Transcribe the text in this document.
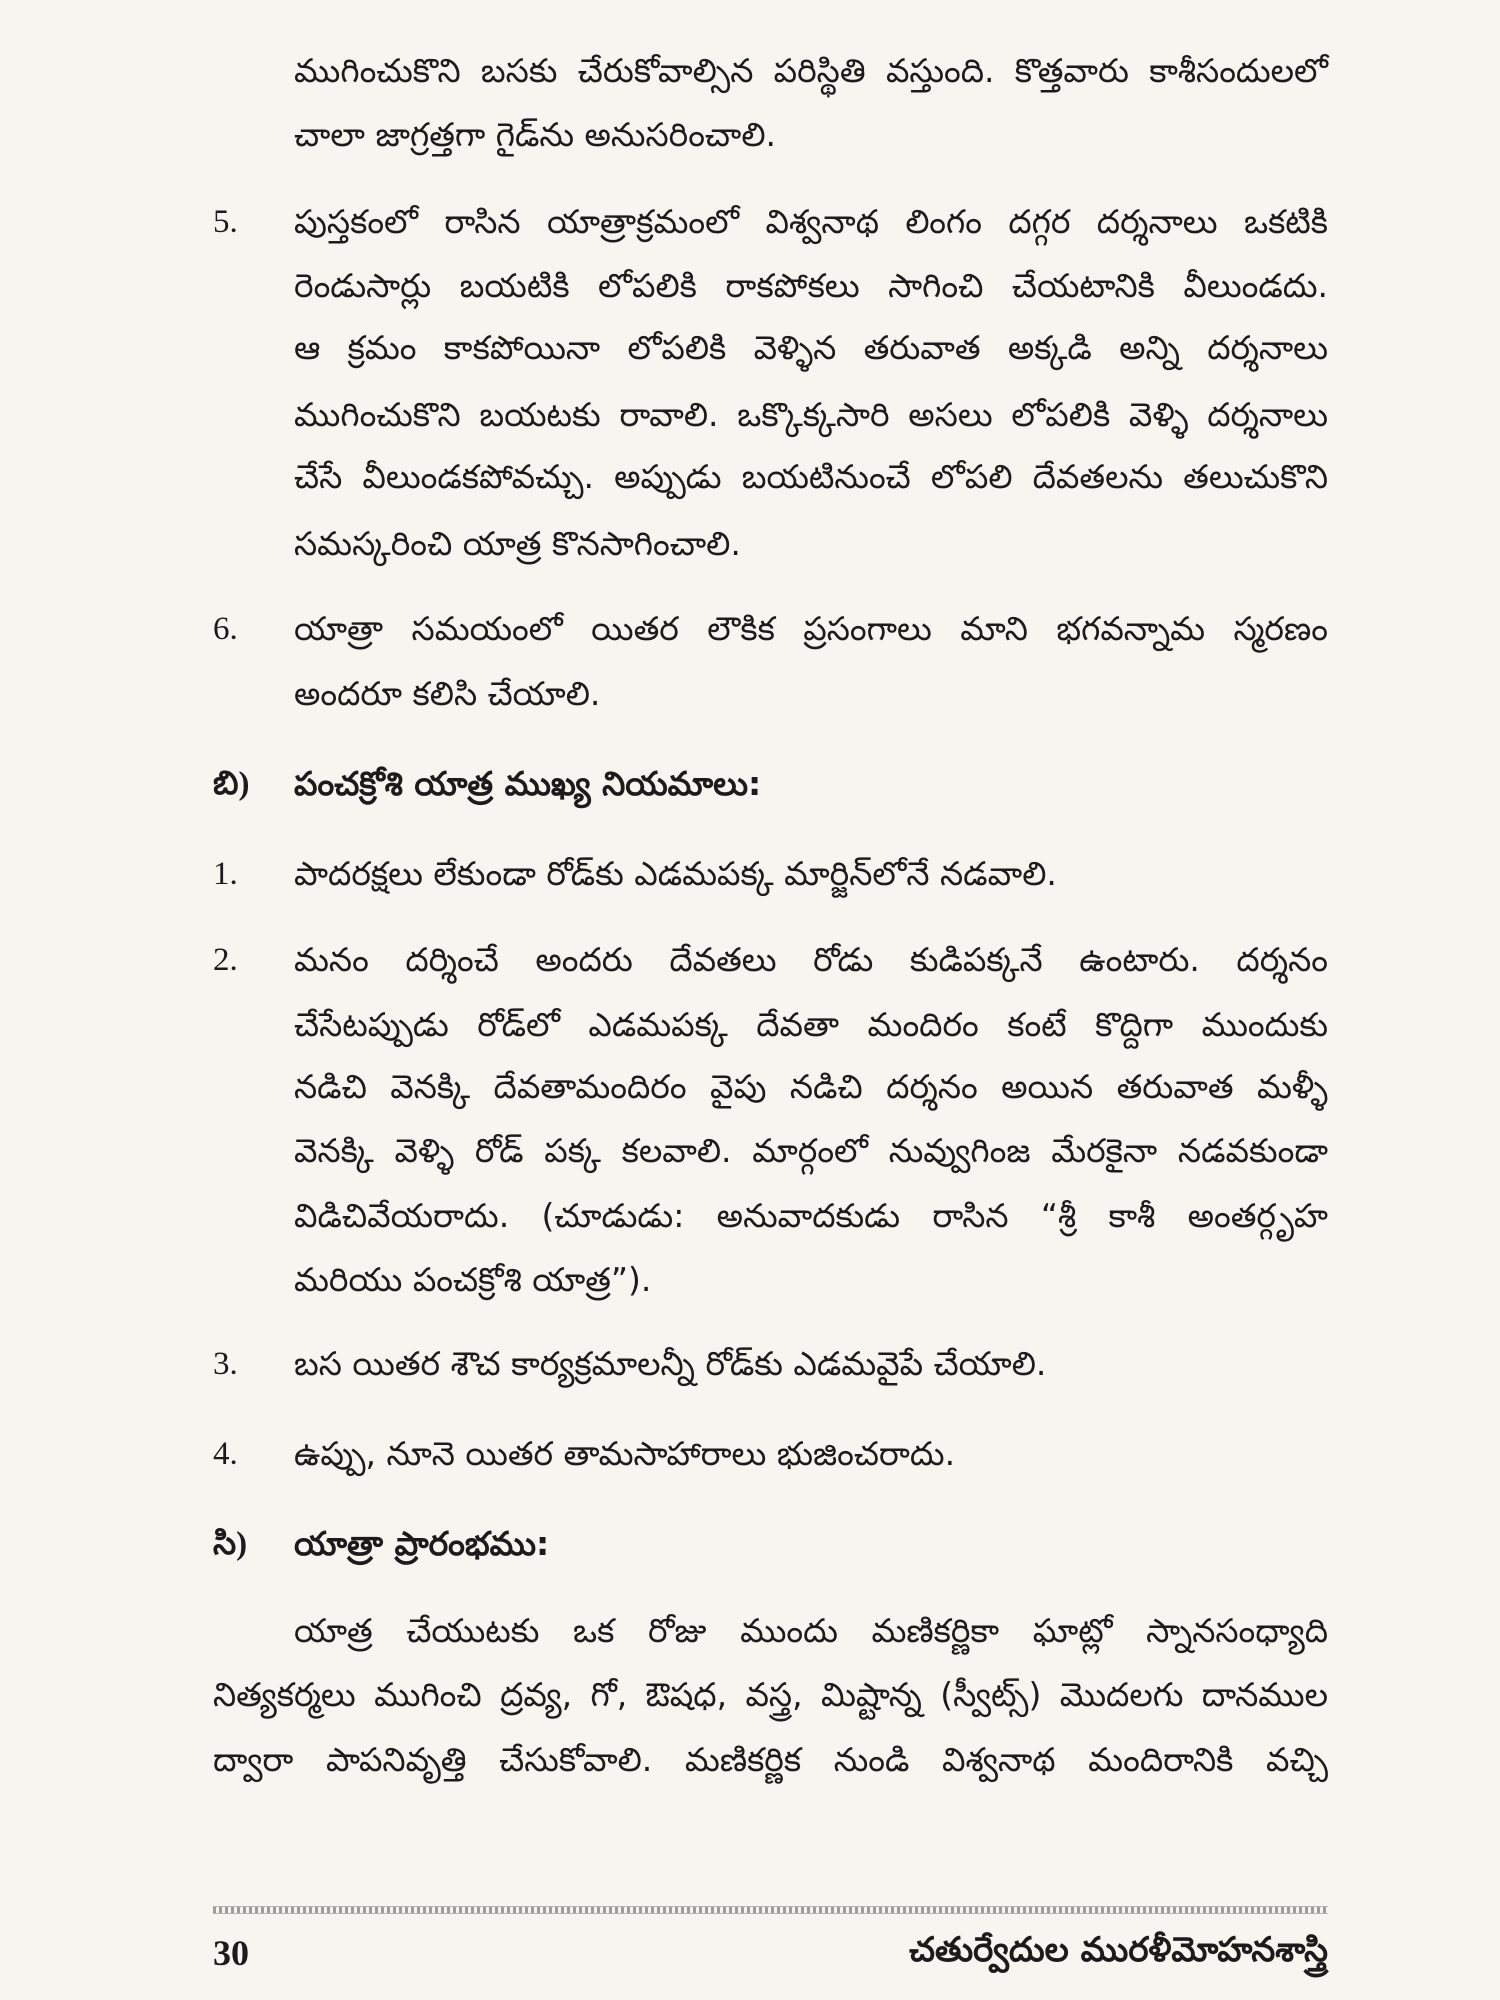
ముగించుకొని బసకు చేరుకోవాల్సిన పరిస్థితి వస్తుంది. కొత్తవారు కాశీసందులలో
చాలా జాగ్రత్తగా గైడ్‌ను అనుసరించాలి.
5. పుస్తకంలో రాసిన యాత్రాక్రమంలో విశ్వనాథ లింగం దగ్గర దర్శనాలు ఒకటికి
రెండుసార్లు బయటికి లోపలికి రాకపోకలు సాగించి చేయటానికి వీలుండదు.
ఆ క్రమం కాకపోయినా లోపలికి వెళ్ళిన తరువాత అక్కడి అన్ని దర్శనాలు
ముగించుకొని బయటకు రావాలి. ఒక్కొక్కసారి అసలు లోపలికి వెళ్ళి దర్శనాలు
చేసే వీలుండకపోవచ్చు. అప్పుడు బయటినుంచే లోపలి దేవతలను తలుచుకొని
సమస్కరించి యాత్ర కొనసాగించాలి.
6. యాత్రా సమయంలో యితర లౌకిక ప్రసంగాలు మాని భగవన్నామ స్మరణం
అందరూ కలిసి చేయాలి.
బి) పంచక్రోశి యాత్ర ముఖ్య నియమాలు:
1. పాదరక్షలు లేకుండా రోడ్‌కు ఎడమపక్క మార్జిన్‌లోనే నడవాలి.
2. మనం దర్శించే అందరు దేవతలు రోడు కుడిపక్కనే ఉంటారు. దర్శనం
చేసేటప్పుడు రోడ్‌లో ఎడమపక్క దేవతా మందిరం కంటే కొద్దిగా ముందుకు
నడిచి వెనక్కి దేవతామందిరం వైపు నడిచి దర్శనం అయిన తరువాత మళ్ళీ
వెనక్కి వెళ్ళి రోడ్ పక్క కలవాలి. మార్గంలో నువ్వుగింజ మేరకైనా నడవకుండా
విడిచివేయరాదు. (చూడుడు: అనువాదకుడు రాసిన “శ్రీ కాశీ అంతర్గృహ
మరియు పంచక్రోశి యాత్ర”).
3. బస యితర శౌచ కార్యక్రమాలన్నీ రోడ్‌కు ఎడమవైపే చేయాలి.
4. ఉప్పు, నూనె యితర తామసాహారాలు భుజించరాదు.
సి) యాత్రా ప్రారంభము:
యాత్ర చేయుటకు ఒక రోజు ముందు మణికర్ణికా ఘాట్లో స్నానసంధ్యాది
నిత్యకర్మలు ముగించి ద్రవ్య, గో, ఔషధ, వస్త్ర, మిష్టాన్న (స్వీట్స్) మొదలగు దానముల
ద్వారా పాపనివృత్తి చేసుకోవాలి. మణికర్ణిక నుండి విశ్వనాథ మందిరానికి వచ్చి
30	చతుర్వేదుల మురళీమోహనశాస్త్రి
